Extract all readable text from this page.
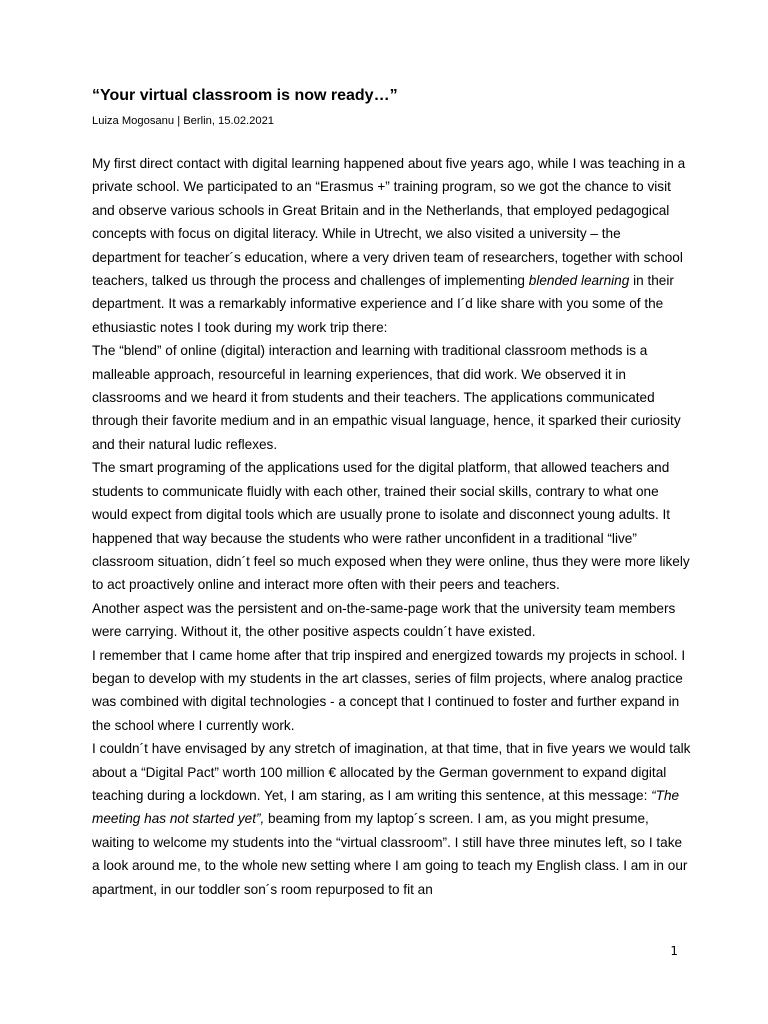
“Your virtual classroom is now ready…”

Luiza Mogosanu | Berlin, 15.02.2021

My first direct contact with digital learning happened about five years ago, while I was teaching in a private school. We participated to an “Erasmus +” training program, so we got the chance to visit and observe various schools in Great Britain and in the Netherlands, that employed pedagogical concepts with focus on digital literacy. While in Utrecht, we also visited a university – the department for teacher´s education, where a very driven team of researchers, together with school teachers, talked us through the process and challenges of implementing blended learning in their department. It was a remarkably informative experience and I´d like share with you some of the ethusiastic notes I took during my work trip there:

The “blend” of online (digital) interaction and learning with traditional classroom methods is a malleable approach, resourceful in learning experiences, that did work. We observed it in classrooms and we heard it from students and their teachers. The applications communicated through their favorite medium and in an empathic visual language, hence, it sparked their curiosity and their natural ludic reflexes.

The smart programing of the applications used for the digital platform, that allowed teachers and students to communicate fluidly with each other, trained their social skills, contrary to what one would expect from digital tools which are usually prone to isolate and disconnect young adults. It happened that way because the students who were rather unconfident in a traditional “live” classroom situation, didn´t feel so much exposed when they were online, thus they were more likely to act proactively online and interact more often with their peers and teachers.

Another aspect was the persistent and on-the-same-page work that the university team members were carrying. Without it, the other positive aspects couldn´t have existed.

I remember that I came home after that trip inspired and energized towards my projects in school. I began to develop with my students in the art classes, series of film projects, where analog practice was combined with digital technologies - a concept that I continued to foster and further expand in the school where I currently work.

I couldn´t have envisaged by any stretch of imagination, at that time, that in five years we would talk about a “Digital Pact” worth 100 million € allocated by the German government to expand digital teaching during a lockdown. Yet, I am staring, as I am writing this sentence, at this message: “The meeting has not started yet”, beaming from my laptop´s screen. I am, as you might presume, waiting to welcome my students into the “virtual classroom”. I still have three minutes left, so I take a look around me, to the whole new setting where I am going to teach my English class. I am in our apartment, in our toddler son´s room repurposed to fit an

1
